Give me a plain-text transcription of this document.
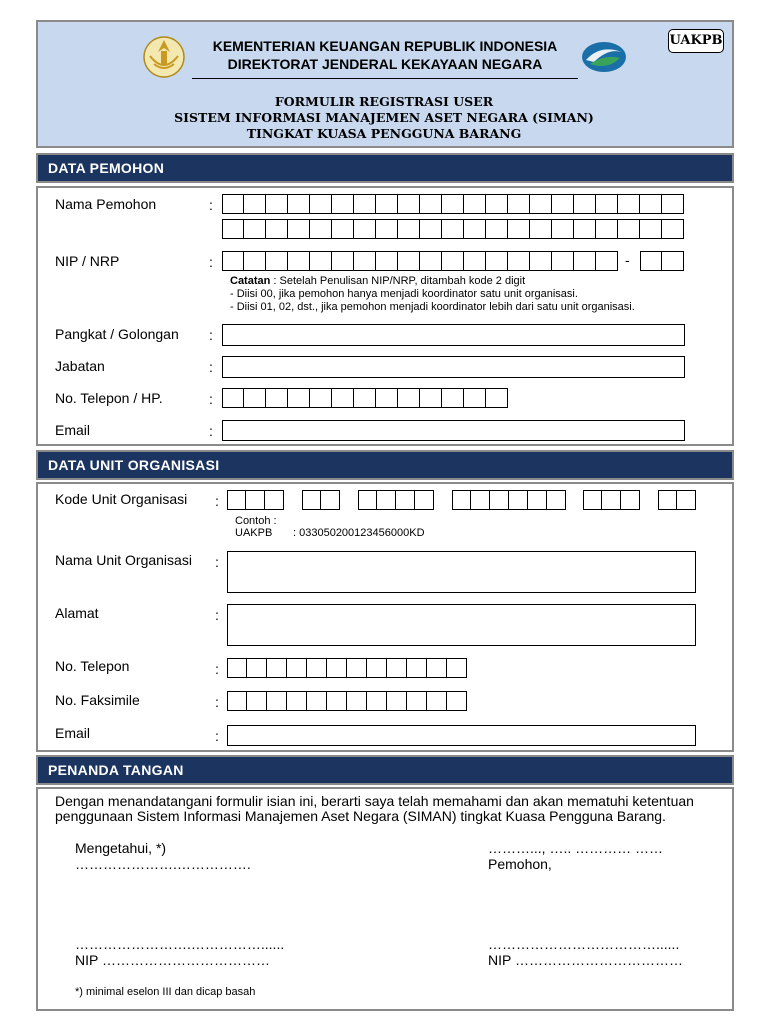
KEMENTERIAN KEUANGAN REPUBLIK INDONESIA
DIREKTORAT JENDERAL KEKAYAAN NEGARA
UAKPB
FORMULIR REGISTRASI USER
SISTEM INFORMASI MANAJEMEN ASET NEGARA (SIMAN)
TINGKAT KUASA PENGGUNA BARANG
DATA PEMOHON
Nama Pemohon	:
NIP / NRP	:	-
Catatan : Setelah Penulisan NIP/NRP, ditambah kode 2 digit
- Diisi 00, jika pemohon hanya menjadi koordinator satu unit organisasi.
- Diisi 01, 02, dst., jika pemohon menjadi koordinator lebih dari satu unit organisasi.
Pangkat / Golongan :
Jabatan	:
No. Telepon / HP.	:
Email	:
DATA UNIT ORGANISASI
Kode Unit Organisasi :
Contoh :
UAKPB : 033050200123456000KD
Nama Unit Organisasi :
Alamat	:
No. Telepon	:
No. Faksimile	:
Email	:
PENANDA TANGAN
Dengan menandatangani formulir isian ini, berarti saya telah memahami dan akan mematuhi ketentuan
penggunaan Sistem Informasi Manajemen Aset Negara (SIMAN) tingkat Kuasa Pengguna Barang.
Mengetahui, *)
………………….…………….
………..., ….. ………… ……
Pemohon,
…………………….……………......
NIP ………………………………
………………………………......
NIP ………………………………
*) minimal eselon III dan dicap basah
